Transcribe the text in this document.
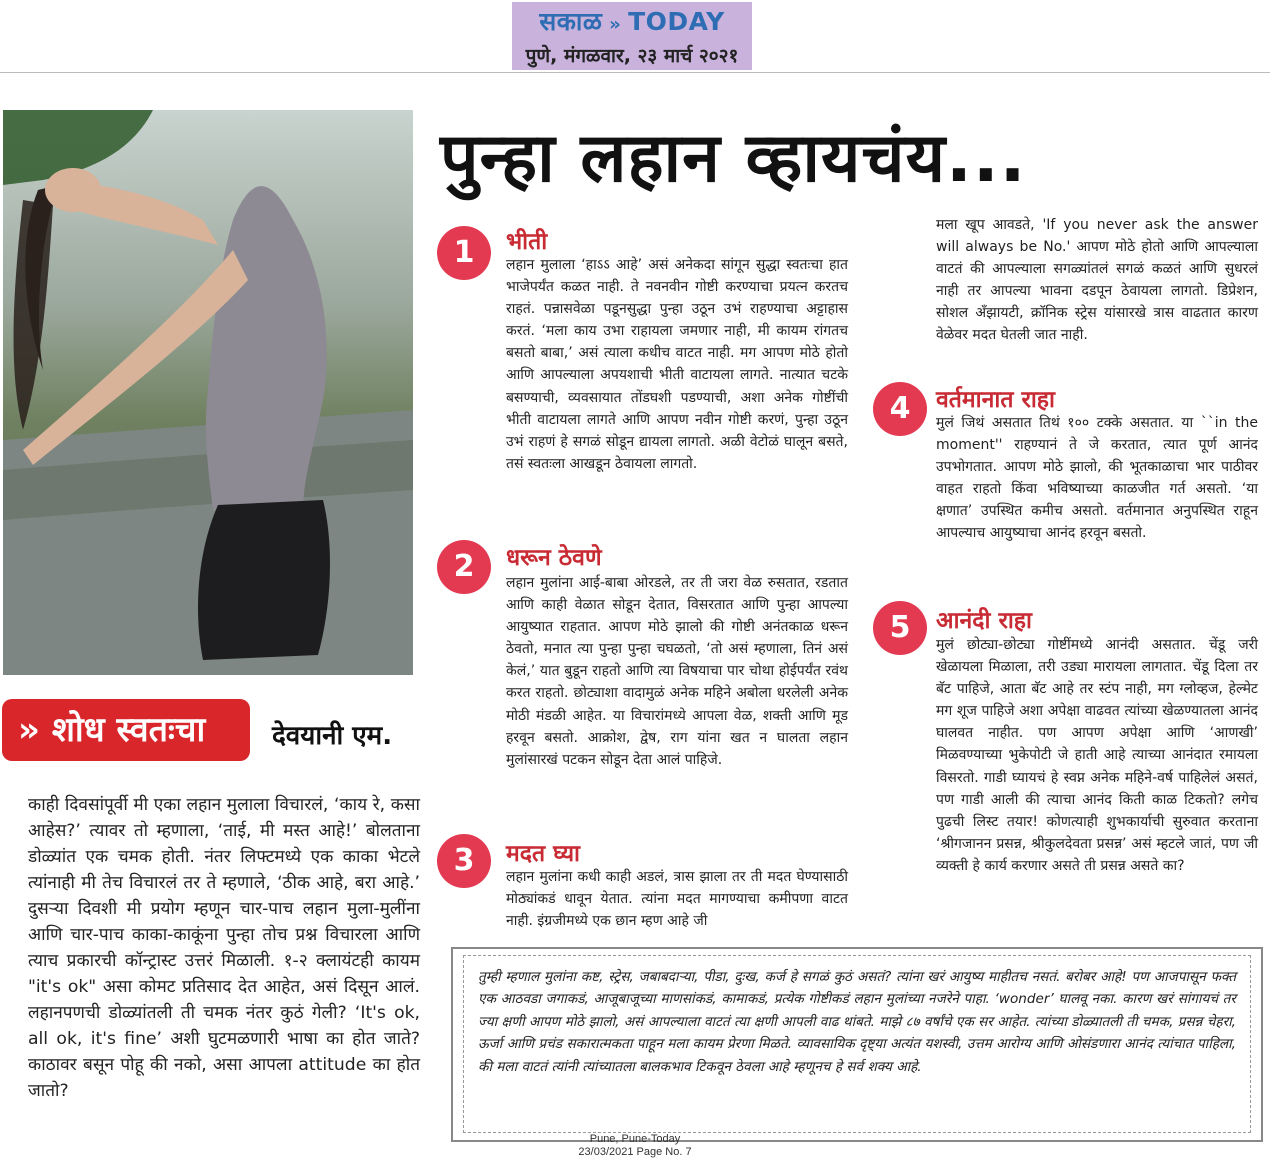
सकाळ » TODAY
पुणे, मंगळवार, २३ मार्च २०२१
पुन्हा लहान व्हायचंय...
» शोध स्वतःचा	देवयानी एम.
काही दिवसांपूर्वी मी एका लहान मुलाला विचारलं, ‘काय रे, कसा आहेस?’ त्यावर तो म्हणाला, ‘ताई, मी मस्त आहे!’ बोलताना डोळ्यांत एक चमक होती. नंतर लिफ्टमध्ये एक काका भेटले त्यांनाही मी तेच विचारलं तर ते म्हणाले, ‘ठीक आहे, बरा आहे.’ दुसऱ्या दिवशी मी प्रयोग म्हणून चार-पाच लहान मुला-मुलींना आणि चार-पाच काका-काकूंना पुन्हा तोच प्रश्न विचारला आणि त्याच प्रकारची कॉन्ट्रास्ट उत्तरं मिळाली. १-२ क्लायंटही कायम "it's ok" असा कोमट प्रतिसाद देत आहेत, असं दिसून आलं. लहानपणची डोळ्यांतली ती चमक नंतर कुठं गेली? ‘It's ok, all ok, it's fine’ अशी घुटमळणारी भाषा का होत जाते? काठावर बसून पोहू की नको, असा आपला attitude का होत जातो?
1	भीती
लहान मुलाला ‘हाऽऽ आहे’ असं अनेकदा सांगून सुद्धा स्वतःचा हात भाजेपर्यंत कळत नाही. ते नवनवीन गोष्टी करण्याचा प्रयत्न करतच राहतं. पन्नासवेळा पडूनसुद्धा पुन्हा उठून उभं राहण्याचा अट्टाहास करतं. ‘मला काय उभा राहायला जमणार नाही, मी कायम रांगतच बसतो बाबा,’ असं त्याला कधीच वाटत नाही. मग आपण मोठे होतो आणि आपल्याला अपयशाची भीती वाटायला लागते. नात्यात चटके बसण्याची, व्यवसायात तोंडघशी पडण्याची, अशा अनेक गोष्टींची भीती वाटायला लागते आणि आपण नवीन गोष्टी करणं, पुन्हा उठून उभं राहणं हे सगळं सोडून द्यायला लागतो. अळी वेटोळं घालून बसते, तसं स्वतःला आखडून ठेवायला लागतो.
2	धरून ठेवणे
लहान मुलांना आई-बाबा ओरडले, तर ती जरा वेळ रुसतात, रडतात आणि काही वेळात सोडून देतात, विसरतात आणि पुन्हा आपल्या आयुष्यात राहतात. आपण मोठे झालो की गोष्टी अनंतकाळ धरून ठेवतो, मनात त्या पुन्हा पुन्हा चघळतो, ‘तो असं म्हणाला, तिनं असं केलं,’ यात बुडून राहतो आणि त्या विषयाचा पार चोथा होईपर्यंत रवंथ करत राहतो. छोट्याशा वादामुळं अनेक महिने अबोला धरलेली अनेक मोठी मंडळी आहेत. या विचारांमध्ये आपला वेळ, शक्ती आणि मूड हरवून बसतो. आक्रोश, द्वेष, राग यांना खत न घालता लहान मुलांसारखं पटकन सोडून देता आलं पाहिजे.
3	मदत घ्या
लहान मुलांना कधी काही अडलं, त्रास झाला तर ती मदत घेण्यासाठी मोठ्यांकडं धावून येतात. त्यांना मदत मागण्याचा कमीपणा वाटत नाही. इंग्रजीमध्ये एक छान म्हण आहे जी
मला खूप आवडते, 'If you never ask the answer will always be No.' आपण मोठे होतो आणि आपल्याला वाटतं की आपल्याला सगळ्यांतलं सगळं कळतं आणि सुधरलं नाही तर आपल्या भावना दडपून ठेवायला लागतो. डिप्रेशन, सोशल अँझायटी, क्रॉनिक स्ट्रेस यांसारखे त्रास वाढतात कारण वेळेवर मदत घेतली जात नाही.
4	वर्तमानात राहा
मुलं जिथं असतात तिथं १०० टक्के असतात. या ``in the moment'' राहण्यानं ते जे करतात, त्यात पूर्ण आनंद उपभोगतात. आपण मोठे झालो, की भूतकाळाचा भार पाठीवर वाहत राहतो किंवा भविष्याच्या काळजीत गर्त असतो. ‘या क्षणात’ उपस्थित कमीच असतो. वर्तमानात अनुपस्थित राहून आपल्याच आयुष्याचा आनंद हरवून बसतो.
5	आनंदी राहा
मुलं छोट्या-छोट्या गोष्टींमध्ये आनंदी असतात. चेंडू जरी खेळायला मिळाला, तरी उड्या मारायला लागतात. चेंडू दिला तर बॅट पाहिजे, आता बॅट आहे तर स्टंप नाही, मग ग्लोव्हज, हेल्मेट मग शूज पाहिजे अशा अपेक्षा वाढवत त्यांच्या खेळण्यातला आनंद घालवत नाहीत. पण आपण अपेक्षा आणि ‘आणखी’ मिळवण्याच्या भुकेपोटी जे हाती आहे त्याच्या आनंदात रमायला विसरतो. गाडी घ्यायचं हे स्वप्न अनेक महिने-वर्ष पाहिलेलं असतं, पण गाडी आली की त्याचा आनंद किती काळ टिकतो? लगेच पुढची लिस्ट तयार! कोणत्याही शुभकार्याची सुरुवात करताना ‘श्रीगजानन प्रसन्न, श्रीकुलदेवता प्रसन्न’ असं म्हटले जातं, पण जी व्यक्ती हे कार्य करणार असते ती प्रसन्न असते का?
तुम्ही म्हणाल मुलांना कष्ट, स्ट्रेस, जबाबदाऱ्या, पीडा, दुःख, कर्ज हे सगळं कुठं असतं? त्यांना खरं आयुष्य माहीतच नसतं. बरोबर आहे! पण आजपासून फक्त एक आठवडा जगाकडं, आजूबाजूच्या माणसांकडं, कामाकडं, प्रत्येक गोष्टीकडं लहान मुलांच्या नजरेने पाहा. ‘wonder’ घालवू नका. कारण खरं सांगायचं तर ज्या क्षणी आपण मोठे झालो, असं आपल्याला वाटतं त्या क्षणी आपली वाढ थांबते. माझे ८७ वर्षांचे एक सर आहेत. त्यांच्या डोळ्यातली ती चमक, प्रसन्न चेहरा, ऊर्जा आणि प्रचंड सकारात्मकता पाहून मला कायम प्रेरणा मिळते. व्यावसायिक दृष्ट्या अत्यंत यशस्वी, उत्तम आरोग्य आणि ओसंडणारा आनंद त्यांचात पाहिला, की मला वाटतं त्यांनी त्यांच्यातला बालकभाव टिकवून ठेवला आहे म्हणूनच हे सर्व शक्य आहे.
Pune, Pune-Today
23/03/2021 Page No. 7
